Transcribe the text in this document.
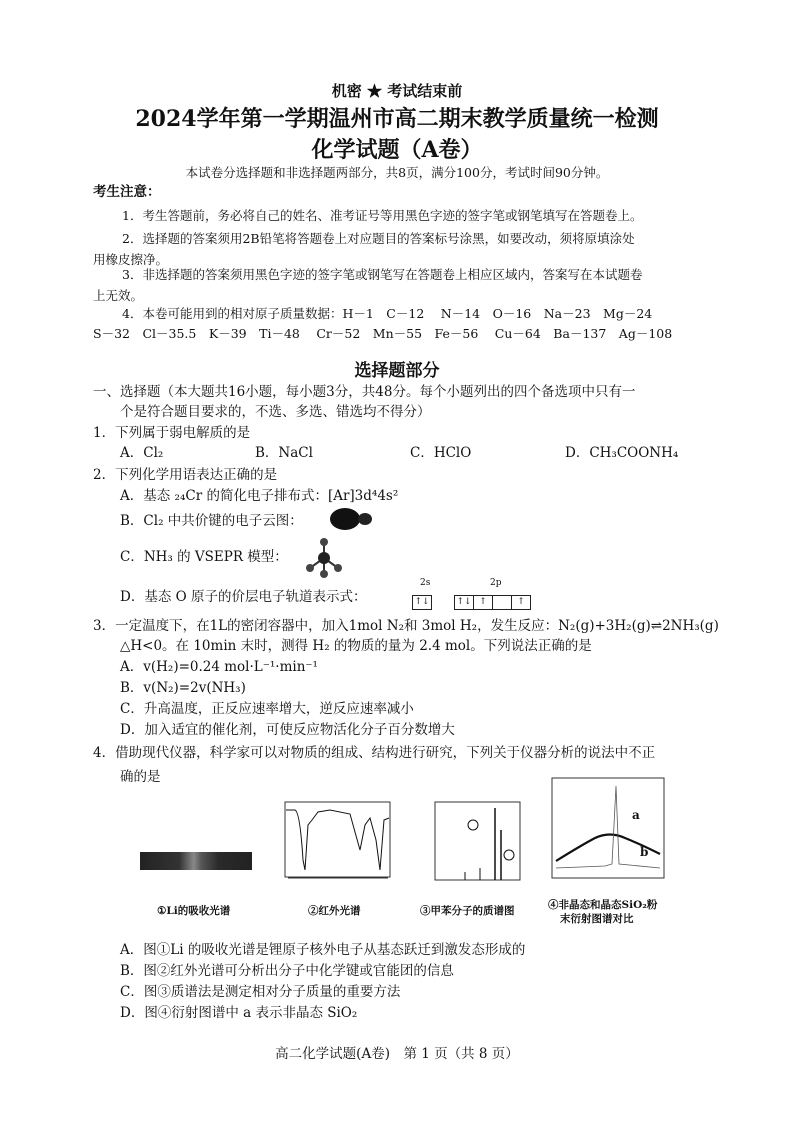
机密 ★ 考试结束前
2024学年第一学期温州市高二期末教学质量统一检测
化学试题（A卷）
本试卷分选择题和非选择题两部分，共8页，满分100分，考试时间90分钟。
考生注意：
1．考生答题前，务必将自己的姓名、准考证号等用黑色字迹的签字笔或钢笔填写在答题卷上。
2．选择题的答案须用2B铅笔将答题卷上对应题目的答案标号涂黑，如要改动，须将原填涂处
用橡皮擦净。
3．非选择题的答案须用黑色字迹的签字笔或钢笔写在答题卷上相应区域内，答案写在本试题卷
上无效。
4．本卷可能用到的相对原子质量数据：H－1　C－12　 N－14　O－16　Na－23　Mg－24
S－32　Cl－35.5　K－39　Ti－48　 Cr－52　Mn－55　Fe－56　 Cu－64　Ba－137　Ag－108
选择题部分
一、选择题（本大题共16小题，每小题3分，共48分。每个小题列出的四个备选项中只有一
个是符合题目要求的，不选、多选、错选均不得分）
1．下列属于弱电解质的是
A．Cl₂	B．NaCl	C．HClO	D．CH₃COONH₄
2．下列化学用语表达正确的是
A．基态 ₂₄Cr 的简化电子排布式：[Ar]3d⁴4s²
B．Cl₂ 中共价键的电子云图：
C．NH₃ 的 VSEPR 模型：
D．基态 O 原子的价层电子轨道表示式：
2s	2p
↑↓	↑↓ ↑	↑
3．一定温度下，在1L的密闭容器中，加入1mol N₂和 3mol H₂，发生反应：N₂(g)+3H₂(g)⇌2NH₃(g)
△H<0。在 10min 末时，测得 H₂ 的物质的量为 2.4 mol。下列说法正确的是
A．v(H₂)=0.24 mol·L⁻¹·min⁻¹
B．v(N₂)=2v(NH₃)
C．升高温度，正反应速率增大，逆反应速率减小
D．加入适宜的催化剂，可使反应物活化分子百分数增大
4．借助现代仪器，科学家可以对物质的组成、结构进行研究，下列关于仪器分析的说法中不正
确的是
①Li的吸收光谱	②红外光谱	③甲苯分子的质谱图
a
b
④非晶态和晶态SiO₂粉
末衍射图谱对比
A．图①Li 的吸收光谱是锂原子核外电子从基态跃迁到激发态形成的
B．图②红外光谱可分析出分子中化学键或官能团的信息
C．图③质谱法是测定相对分子质量的重要方法
D．图④衍射图谱中 a 表示非晶态 SiO₂
高二化学试题(A卷)　第 1 页（共 8 页）
